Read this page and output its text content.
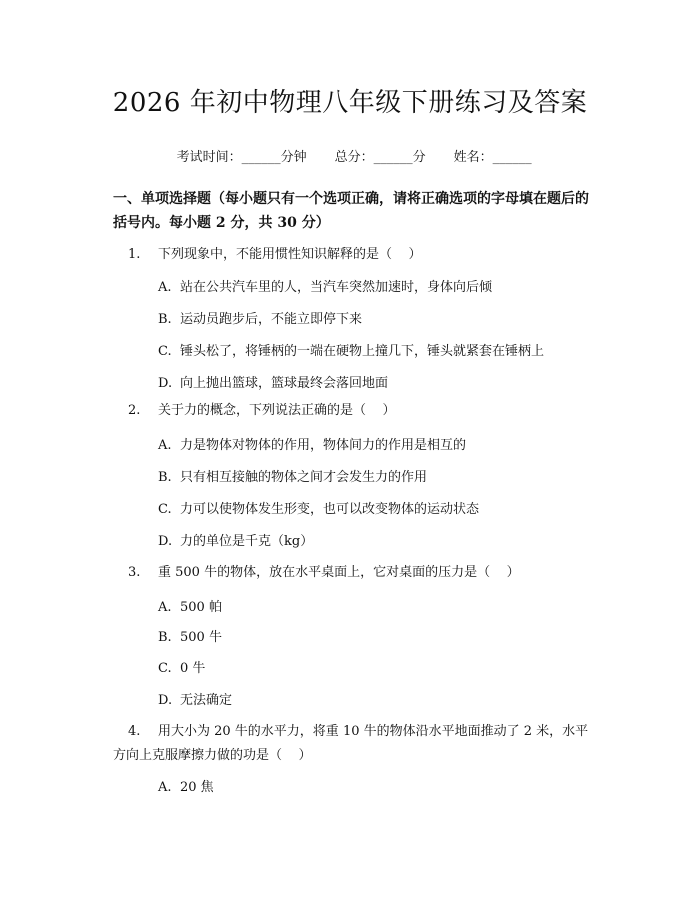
2026 年初中物理八年级下册练习及答案

考试时间：______分钟 总分：______分 姓名：______

一、单项选择题（每小题只有一个选项正确，请将正确选项的字母填在题后的括号内。每小题 2 分，共 30 分）

1. 下列现象中，不能用惯性知识解释的是（    ）
A. 站在公共汽车里的人，当汽车突然加速时，身体向后倾
B. 运动员跑步后，不能立即停下来
C. 锤头松了，将锤柄的一端在硬物上撞几下，锤头就紧套在锤柄上
D. 向上抛出篮球，篮球最终会落回地面
2. 关于力的概念，下列说法正确的是（    ）
A. 力是物体对物体的作用，物体间力的作用是相互的
B. 只有相互接触的物体之间才会发生力的作用
C. 力可以使物体发生形变，也可以改变物体的运动状态
D. 力的单位是千克（kg）
3. 重 500 牛的物体，放在水平桌面上，它对桌面的压力是（    ）
A. 500 帕
B. 500 牛
C. 0 牛
D. 无法确定
4. 用大小为 20 牛的水平力，将重 10 牛的物体沿水平地面推动了 2 米，水平
方向上克服摩擦力做的功是（    ）
A. 20 焦
